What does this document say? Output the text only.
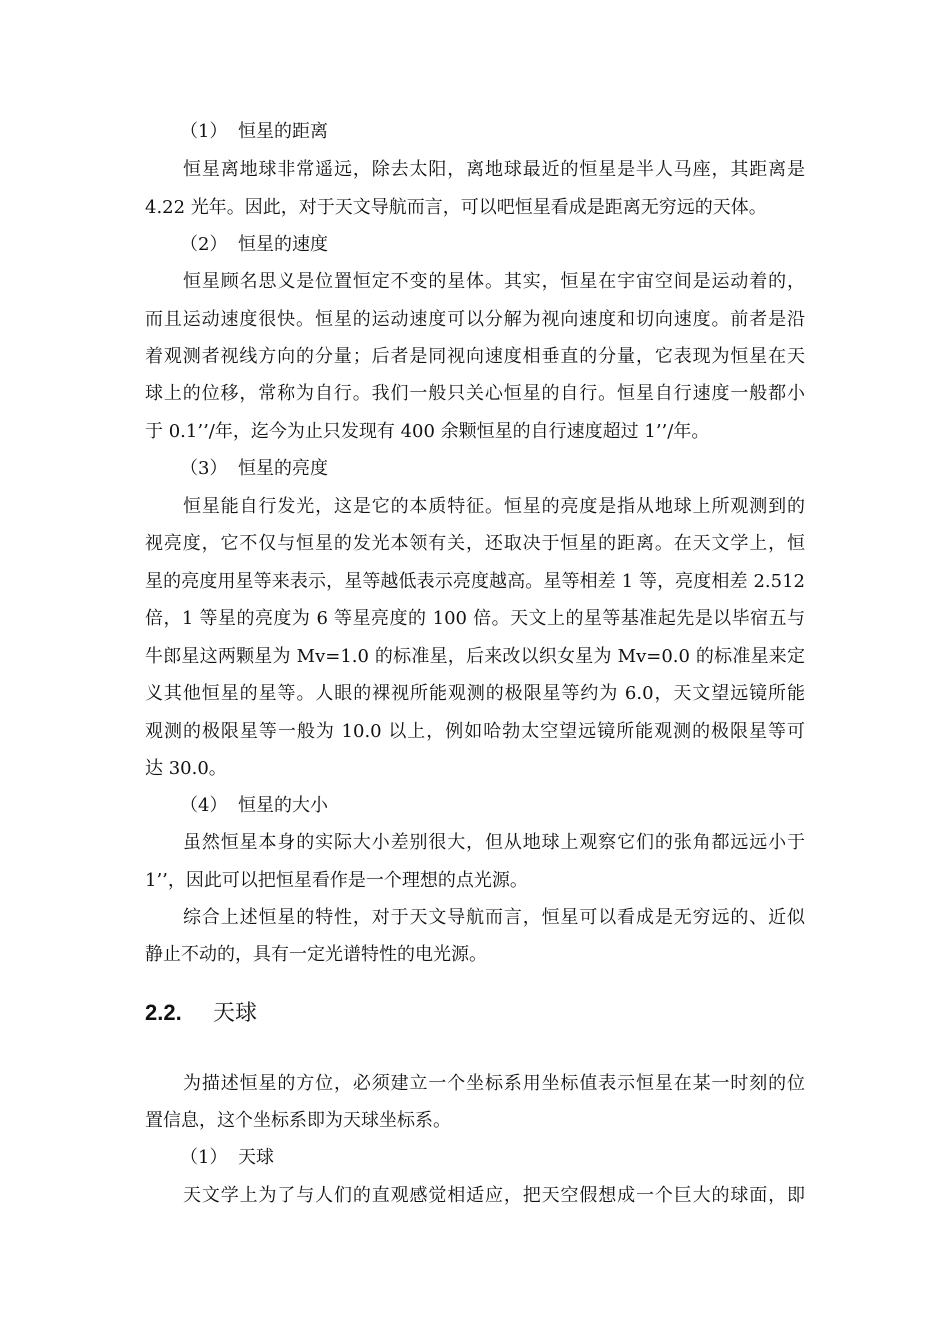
（1） 恒星的距离
恒星离地球非常遥远，除去太阳，离地球最近的恒星是半人马座，其距离是
4.22 光年。因此，对于天文导航而言，可以吧恒星看成是距离无穷远的天体。
（2） 恒星的速度
恒星顾名思义是位置恒定不变的星体。其实，恒星在宇宙空间是运动着的，
而且运动速度很快。恒星的运动速度可以分解为视向速度和切向速度。前者是沿
着观测者视线方向的分量；后者是同视向速度相垂直的分量，它表现为恒星在天
球上的位移，常称为自行。我们一般只关心恒星的自行。恒星自行速度一般都小
于 0.1’’/年，迄今为止只发现有 400 余颗恒星的自行速度超过 1’’/年。
（3） 恒星的亮度
恒星能自行发光，这是它的本质特征。恒星的亮度是指从地球上所观测到的
视亮度，它不仅与恒星的发光本领有关，还取决于恒星的距离。在天文学上，恒
星的亮度用星等来表示，星等越低表示亮度越高。星等相差 1 等，亮度相差 2.512
倍，1 等星的亮度为 6 等星亮度的 100 倍。天文上的星等基准起先是以毕宿五与
牛郎星这两颗星为 Mv=1.0 的标准星，后来改以织女星为 Mv=0.0 的标准星来定
义其他恒星的星等。人眼的裸视所能观测的极限星等约为 6.0，天文望远镜所能
观测的极限星等一般为 10.0 以上，例如哈勃太空望远镜所能观测的极限星等可
达 30.0。
（4） 恒星的大小
虽然恒星本身的实际大小差别很大，但从地球上观察它们的张角都远远小于
1’’，因此可以把恒星看作是一个理想的点光源。
综合上述恒星的特性，对于天文导航而言，恒星可以看成是无穷远的、近似
静止不动的，具有一定光谱特性的电光源。
2.2. 天球
为描述恒星的方位，必须建立一个坐标系用坐标值表示恒星在某一时刻的位
置信息，这个坐标系即为天球坐标系。
（1） 天球
天文学上为了与人们的直观感觉相适应，把天空假想成一个巨大的球面，即
